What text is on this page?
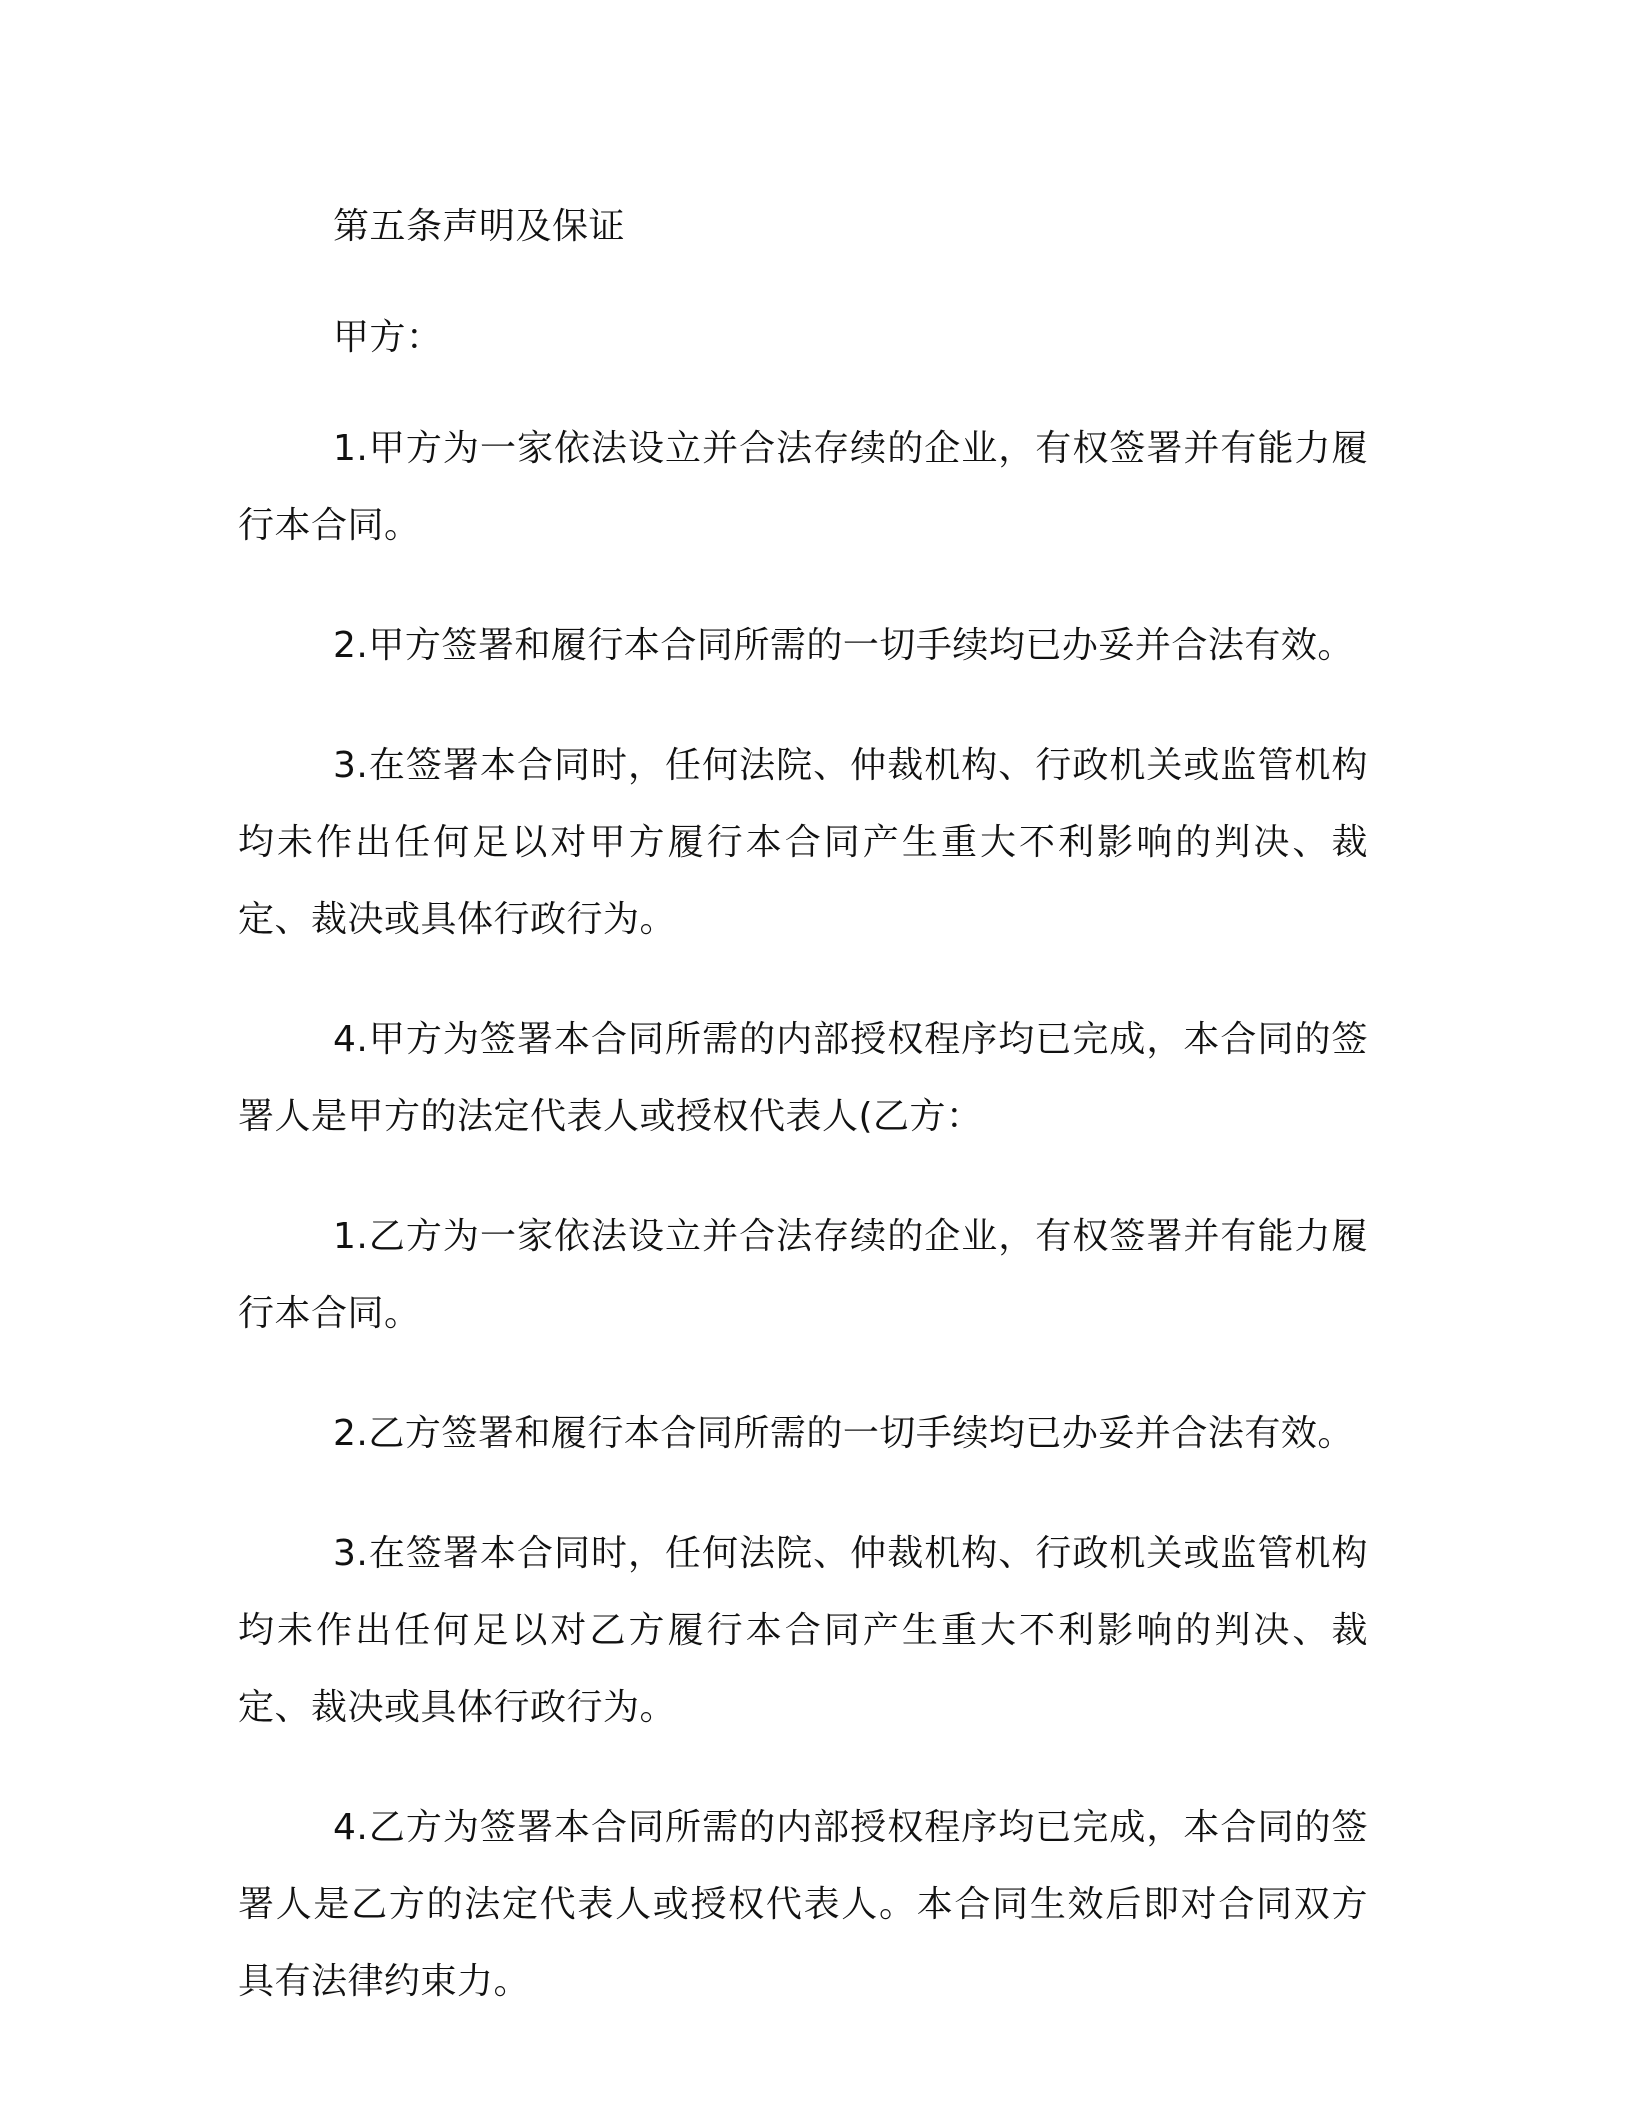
第五条声明及保证

甲方：

1.甲方为一家依法设立并合法存续的企业，有权签署并有能力履行本合同。

2.甲方签署和履行本合同所需的一切手续均已办妥并合法有效。

3.在签署本合同时，任何法院、仲裁机构、行政机关或监管机构均未作出任何足以对甲方履行本合同产生重大不利影响的判决、裁定、裁决或具体行政行为。

4.甲方为签署本合同所需的内部授权程序均已完成，本合同的签署人是甲方的法定代表人或授权代表人(乙方：

1.乙方为一家依法设立并合法存续的企业，有权签署并有能力履行本合同。

2.乙方签署和履行本合同所需的一切手续均已办妥并合法有效。

3.在签署本合同时，任何法院、仲裁机构、行政机关或监管机构均未作出任何足以对乙方履行本合同产生重大不利影响的判决、裁定、裁决或具体行政行为。

4.乙方为签署本合同所需的内部授权程序均已完成，本合同的签署人是乙方的法定代表人或授权代表人。本合同生效后即对合同双方具有法律约束力。
